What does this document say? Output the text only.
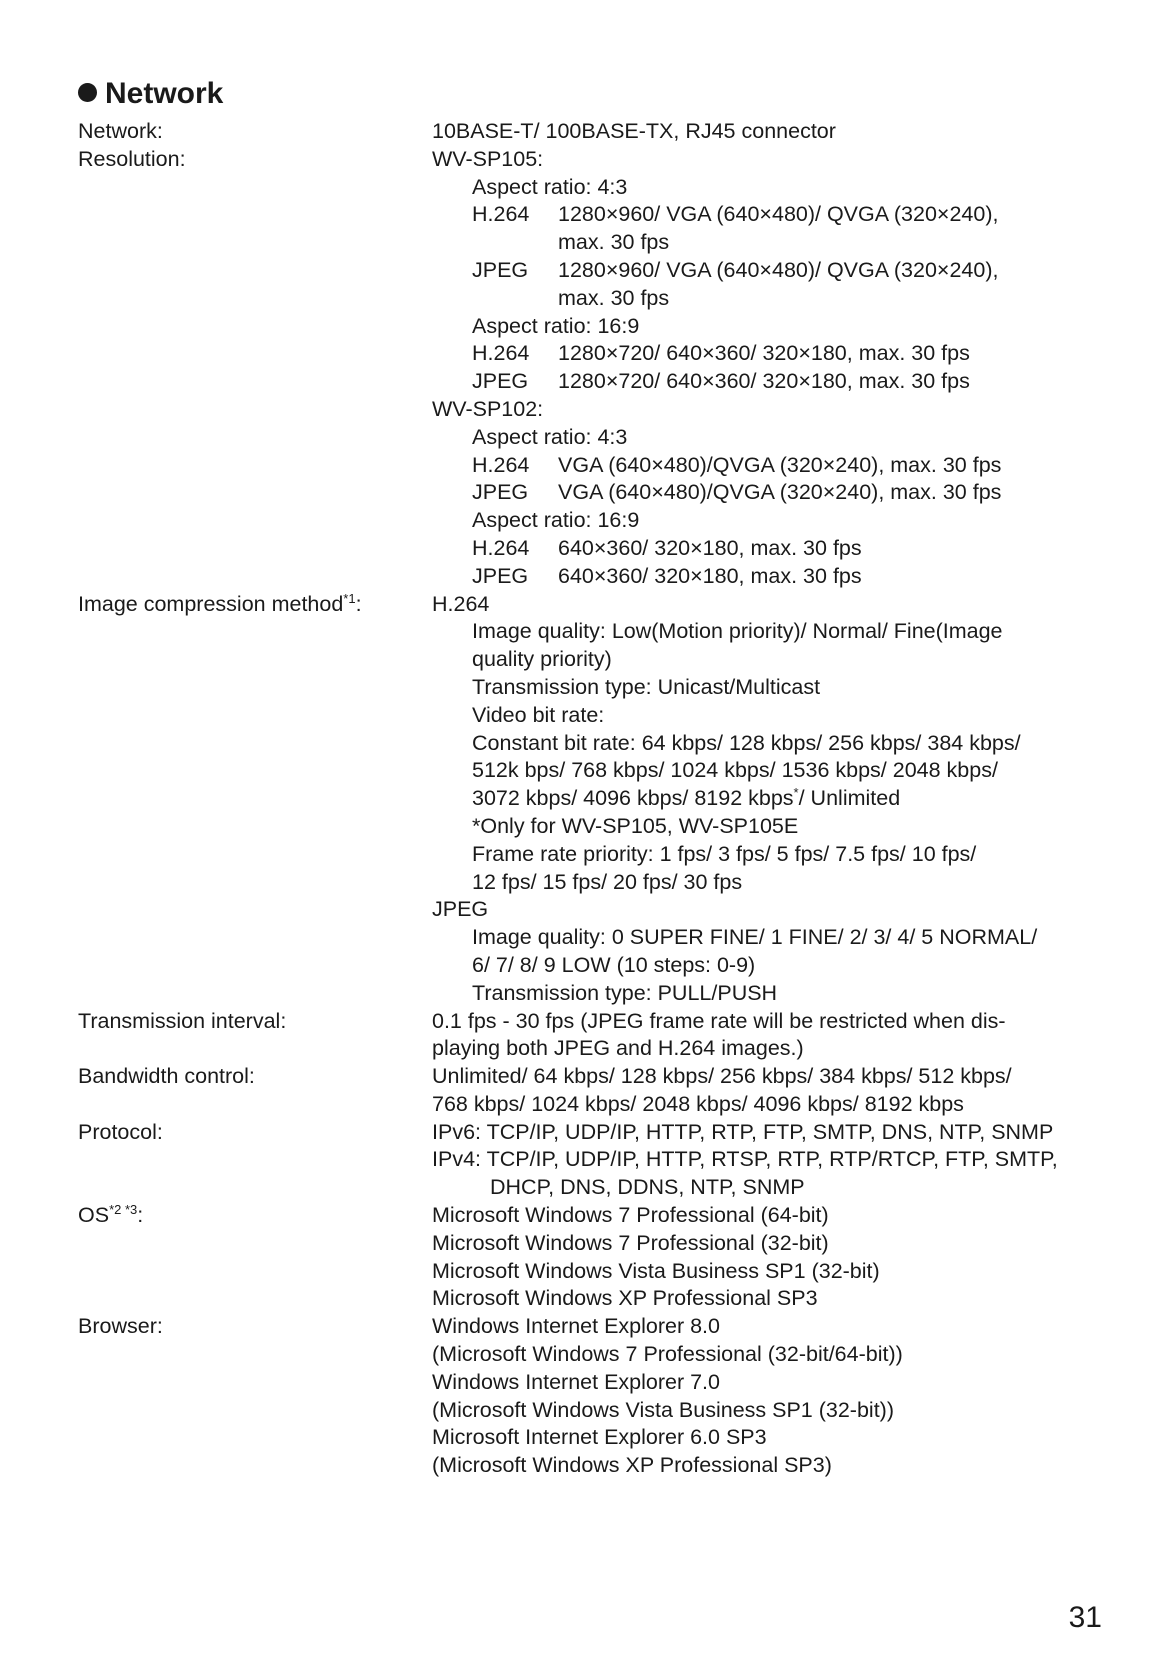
Network
Network:	10BASE-T/ 100BASE-TX, RJ45 connector
Resolution:	WV-SP105:
Aspect ratio: 4:3
H.264 1280×960/ VGA (640×480)/ QVGA (320×240),
max. 30 fps
JPEG 1280×960/ VGA (640×480)/ QVGA (320×240),
max. 30 fps
Aspect ratio: 16:9
H.264 1280×720/ 640×360/ 320×180, max. 30 fps
JPEG 1280×720/ 640×360/ 320×180, max. 30 fps
WV-SP102:
Aspect ratio: 4:3
H.264 VGA (640×480)/QVGA (320×240), max. 30 fps
JPEG VGA (640×480)/QVGA (320×240), max. 30 fps
Aspect ratio: 16:9
H.264 640×360/ 320×180, max. 30 fps
JPEG 640×360/ 320×180, max. 30 fps
Image compression method$^{*1}$:	H.264
Image quality: Low(Motion priority)/ Normal/ Fine(Image
quality priority)
Transmission type: Unicast/Multicast
Video bit rate:
Constant bit rate: 64 kbps/ 128 kbps/ 256 kbps/ 384 kbps/
512k bps/ 768 kbps/ 1024 kbps/ 1536 kbps/ 2048 kbps/
3072 kbps/ 4096 kbps/ 8192 kbps*/ Unlimited
*Only for WV-SP105, WV-SP105E
Frame rate priority: 1 fps/ 3 fps/ 5 fps/ 7.5 fps/ 10 fps/
12 fps/ 15 fps/ 20 fps/ 30 fps
JPEG
Image quality: 0 SUPER FINE/ 1 FINE/ 2/ 3/ 4/ 5 NORMAL/
6/ 7/ 8/ 9 LOW (10 steps: 0-9)
Transmission type: PULL/PUSH
Transmission interval:	0.1 fps - 30 fps (JPEG frame rate will be restricted when dis-
playing both JPEG and H.264 images.)
Bandwidth control:	Unlimited/ 64 kbps/ 128 kbps/ 256 kbps/ 384 kbps/ 512 kbps/
768 kbps/ 1024 kbps/ 2048 kbps/ 4096 kbps/ 8192 kbps
Protocol:	IPv6: TCP/IP, UDP/IP, HTTP, RTP, FTP, SMTP, DNS, NTP, SNMP
IPv4: TCP/IP, UDP/IP, HTTP, RTSP, RTP, RTP/RTCP, FTP, SMTP,
DHCP, DNS, DDNS, NTP, SNMP
$OS^{*2 *3}$:	Microsoft Windows 7 Professional (64-bit)
Microsoft Windows 7 Professional (32-bit)
Microsoft Windows Vista Business SP1 (32-bit)
Microsoft Windows XP Professional SP3
Browser:	Windows Internet Explorer 8.0
(Microsoft Windows 7 Professional (32-bit/64-bit))
Windows Internet Explorer 7.0
(Microsoft Windows Vista Business SP1 (32-bit))
Microsoft Internet Explorer 6.0 SP3
(Microsoft Windows XP Professional SP3)
31
